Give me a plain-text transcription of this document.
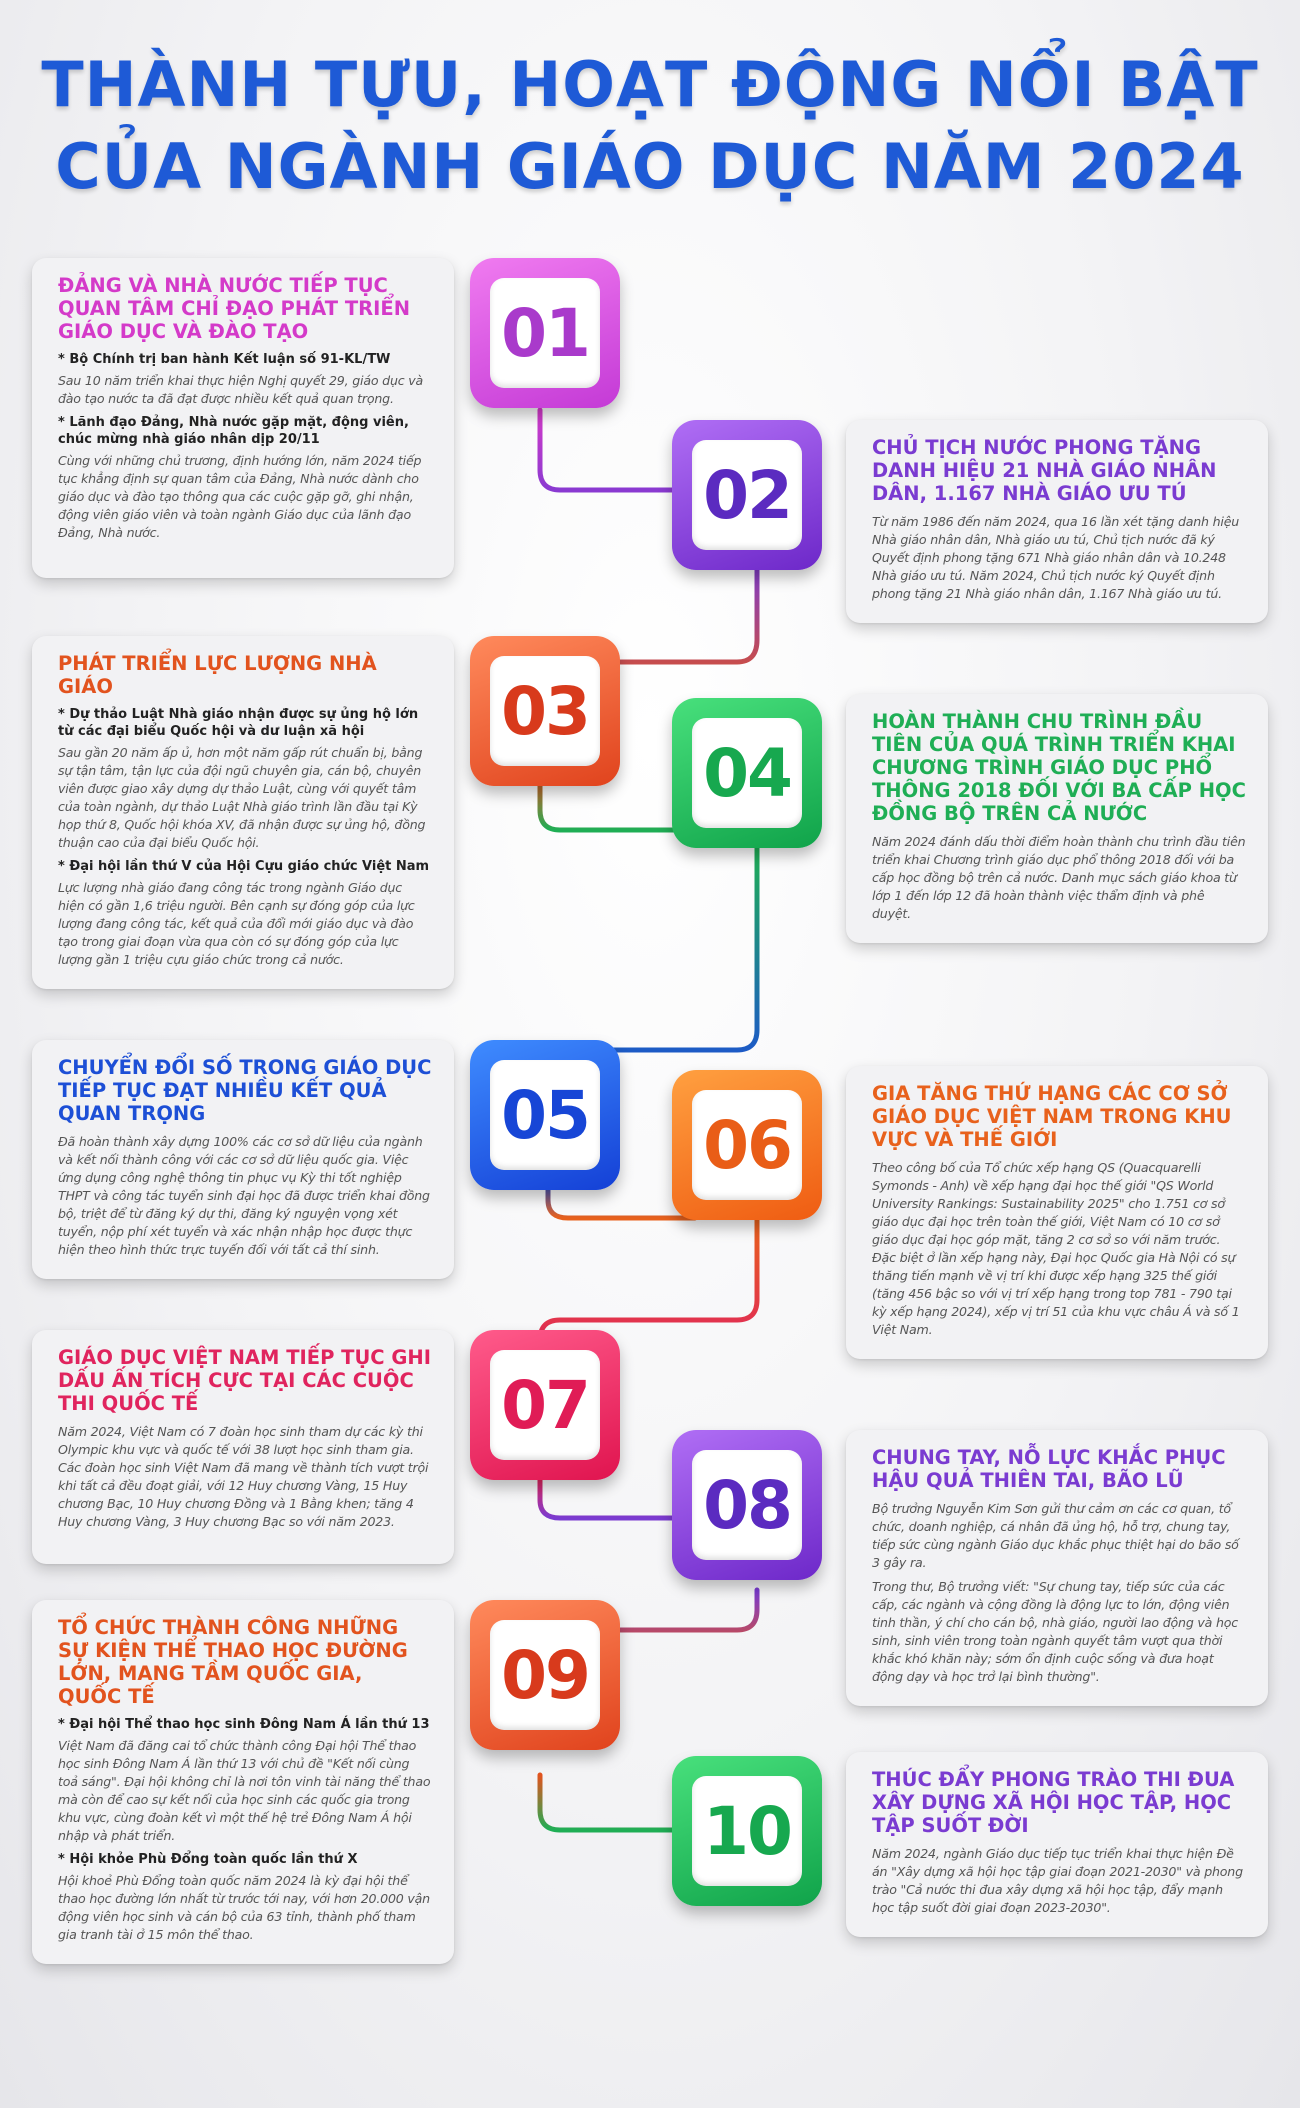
THÀNH TỰU, HOẠT ĐỘNG NỔI BẬT
CỦA NGÀNH GIÁO DỤC NĂM 2024
ĐẢNG VÀ NHÀ NƯỚC TIẾP TỤC QUAN TÂM CHỈ ĐẠO PHÁT TRIỂN GIÁO DỤC VÀ ĐÀO TẠO
* Bộ Chính trị ban hành Kết luận số 91-KL/TW

Sau 10 năm triển khai thực hiện Nghị quyết 29, giáo dục và đào tạo nước ta đã đạt được nhiều kết quả quan trọng.

* Lãnh đạo Đảng, Nhà nước gặp mặt, động viên, chúc mừng nhà giáo nhân dịp 20/11

Cùng với những chủ trương, định hướng lớn, năm 2024 tiếp tục khẳng định sự quan tâm của Đảng, Nhà nước dành cho giáo dục và đào tạo thông qua các cuộc gặp gỡ, ghi nhận, động viên giáo viên và toàn ngành Giáo dục của lãnh đạo Đảng, Nhà nước.

01
CHỦ TỊCH NƯỚC PHONG TẶNG DANH HIỆU 21 NHÀ GIÁO NHÂN DÂN, 1.167 NHÀ GIÁO ƯU TÚ

Từ năm 1986 đến năm 2024, qua 16 lần xét tặng danh hiệu Nhà giáo nhân dân, Nhà giáo ưu tú, Chủ tịch nước đã ký Quyết định phong tặng 671 Nhà giáo nhân dân và 10.248 Nhà giáo ưu tú. Năm 2024, Chủ tịch nước ký Quyết định phong tặng 21 Nhà giáo nhân dân, 1.167 Nhà giáo ưu tú.

02
PHÁT TRIỂN LỰC LƯỢNG NHÀ GIÁO
* Dự thảo Luật Nhà giáo nhận được sự ủng hộ lớn từ các đại biểu Quốc hội và dư luận xã hội

Sau gần 20 năm ấp ủ, hơn một năm gấp rút chuẩn bị, bằng sự tận tâm, tận lực của đội ngũ chuyên gia, cán bộ, chuyên viên được giao xây dựng dự thảo Luật, cùng với quyết tâm của toàn ngành, dự thảo Luật Nhà giáo trình lần đầu tại Kỳ họp thứ 8, Quốc hội khóa XV, đã nhận được sự ủng hộ, đồng thuận cao của đại biểu Quốc hội.

* Đại hội lần thứ V của Hội Cựu giáo chức Việt Nam

Lực lượng nhà giáo đang công tác trong ngành Giáo dục hiện có gần 1,6 triệu người. Bên cạnh sự đóng góp của lực lượng đang công tác, kết quả của đổi mới giáo dục và đào tạo trong giai đoạn vừa qua còn có sự đóng góp của lực lượng gần 1 triệu cựu giáo chức trong cả nước.

03	HOÀN THÀNH CHU TRÌNH ĐẦU TIÊN CỦA QUÁ TRÌNH TRIỂN KHAI CHƯƠNG TRÌNH GIÁO DỤC PHỔ THÔNG 2018 ĐỐI VỚI BA CẤP HỌC ĐỒNG BỘ TRÊN CẢ NƯỚC

Năm 2024 đánh dấu thời điểm hoàn thành chu trình đầu tiên triển khai Chương trình giáo dục phổ thông 2018 đối với ba cấp học đồng bộ trên cả nước. Danh mục sách giáo khoa từ lớp 1 đến lớp 12 đã hoàn thành việc thẩm định và phê duyệt.

04
CHUYỂN ĐỔI SỐ TRONG GIÁO DỤC TIẾP TỤC ĐẠT NHIỀU KẾT QUẢ QUAN TRỌNG

Đã hoàn thành xây dựng 100% các cơ sở dữ liệu của ngành và kết nối thành công với các cơ sở dữ liệu quốc gia. Việc ứng dụng công nghệ thông tin phục vụ Kỳ thi tốt nghiệp THPT và công tác tuyển sinh đại học đã được triển khai đồng bộ, triệt để từ đăng ký dự thi, đăng ký nguyện vọng xét tuyển, nộp phí xét tuyển và xác nhận nhập học được thực hiện theo hình thức trực tuyến đối với tất cả thí sinh.

05	GIA TĂNG THỨ HẠNG CÁC CƠ SỞ GIÁO DỤC VIỆT NAM TRONG KHU VỰC VÀ THẾ GIỚI

Theo công bố của Tổ chức xếp hạng QS (Quacquarelli Symonds - Anh) về xếp hạng đại học thế giới "QS World University Rankings: Sustainability 2025" cho 1.751 cơ sở giáo dục đại học trên toàn thế giới, Việt Nam có 10 cơ sở giáo dục đại học góp mặt, tăng 2 cơ sở so với năm trước. Đặc biệt ở lần xếp hạng này, Đại học Quốc gia Hà Nội có sự thăng tiến mạnh về vị trí khi được xếp hạng 325 thế giới (tăng 456 bậc so với vị trí xếp hạng trong top 781 - 790 tại kỳ xếp hạng 2024), xếp vị trí 51 của khu vực châu Á và số 1 Việt Nam.

06
GIÁO DỤC VIỆT NAM TIẾP TỤC GHI DẤU ẤN TÍCH CỰC TẠI CÁC CUỘC THI QUỐC TẾ

Năm 2024, Việt Nam có 7 đoàn học sinh tham dự các kỳ thi Olympic khu vực và quốc tế với 38 lượt học sinh tham gia. Các đoàn học sinh Việt Nam đã mang về thành tích vượt trội khi tất cả đều đoạt giải, với 12 Huy chương Vàng, 15 Huy chương Bạc, 10 Huy chương Đồng và 1 Bằng khen; tăng 4 Huy chương Vàng, 3 Huy chương Bạc so với năm 2023.

07
CHUNG TAY, NỖ LỰC KHẮC PHỤC HẬU QUẢ THIÊN TAI, BÃO LŨ

Bộ trưởng Nguyễn Kim Sơn gửi thư cảm ơn các cơ quan, tổ chức, doanh nghiệp, cá nhân đã ủng hộ, hỗ trợ, chung tay, tiếp sức cùng ngành Giáo dục khắc phục thiệt hại do bão số 3 gây ra.

Trong thư, Bộ trưởng viết: "Sự chung tay, tiếp sức của các cấp, các ngành và cộng đồng là động lực to lớn, động viên tinh thần, ý chí cho cán bộ, nhà giáo, người lao động và học sinh, sinh viên trong toàn ngành quyết tâm vượt qua thời khắc khó khăn này; sớm ổn định cuộc sống và đưa hoạt động dạy và học trở lại bình thường".

08
TỔ CHỨC THÀNH CÔNG NHỮNG SỰ KIỆN THỂ THAO HỌC ĐƯỜNG LỚN, MANG TẦM QUỐC GIA, QUỐC TẾ
* Đại hội Thể thao học sinh Đông Nam Á lần thứ 13

Việt Nam đã đăng cai tổ chức thành công Đại hội Thể thao học sinh Đông Nam Á lần thứ 13 với chủ đề "Kết nối cùng toả sáng". Đại hội không chỉ là nơi tôn vinh tài năng thể thao mà còn để cao sự kết nối của học sinh các quốc gia trong khu vực, cùng đoàn kết vì một thế hệ trẻ Đông Nam Á hội nhập và phát triển.

* Hội khỏe Phù Đổng toàn quốc lần thứ X

Hội khoẻ Phù Đổng toàn quốc năm 2024 là kỳ đại hội thể thao học đường lớn nhất từ trước tới nay, với hơn 20.000 vận động viên học sinh và cán bộ của 63 tỉnh, thành phố tham gia tranh tài ở 15 môn thể thao.

09
THÚC ĐẨY PHONG TRÀO THI ĐUA XÂY DỰNG XÃ HỘI HỌC TẬP, HỌC TẬP SUỐT ĐỜI

Năm 2024, ngành Giáo dục tiếp tục triển khai thực hiện Đề án "Xây dựng xã hội học tập giai đoạn 2021-2030" và phong trào "Cả nước thi đua xây dựng xã hội học tập, đẩy mạnh học tập suốt đời giai đoạn 2023-2030".

10
